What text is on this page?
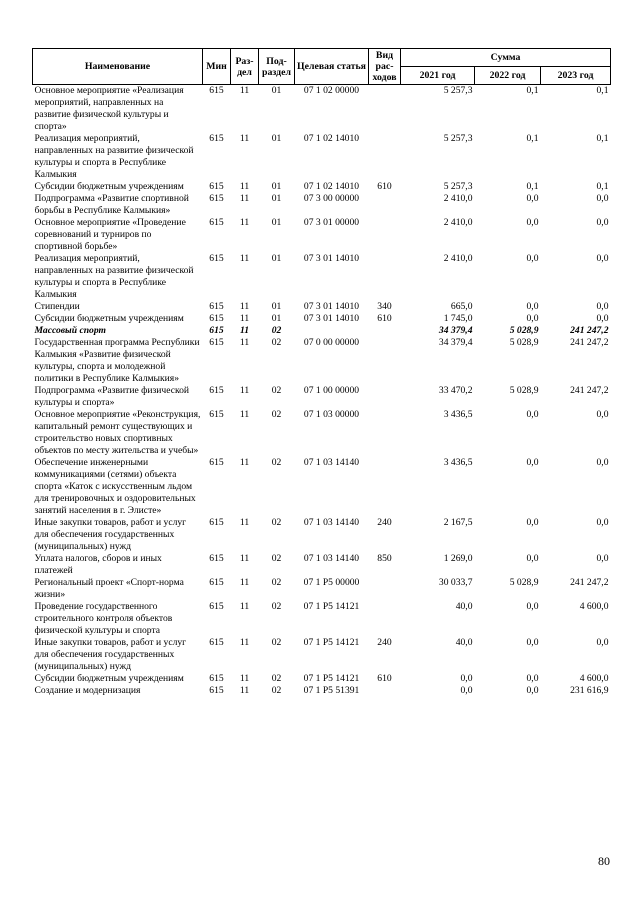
Наименование	Мин	Раз-дел	Под-раздел	Целевая статья	Вид рас-ходов	Сумма		
						2021 год	2022 год	2023 год
Основное мероприятие «Реализация мероприятий, направленных на развитие физической культуры и спорта»	615	11	01	07 1 02 00000		5 257,3	0,1	0,1
Реализация мероприятий, направленных на развитие физической культуры и спорта в Республике Калмыкия	615	11	01	07 1 02 14010		5 257,3	0,1	0,1
Субсидии бюджетным учреждениям	615	11	01	07 1 02 14010	610	5 257,3	0,1	0,1
Подпрограмма «Развитие спортивной борьбы в Республике Калмыкия»	615	11	01	07 3 00 00000		2 410,0	0,0	0,0
Основное мероприятие «Проведение соревнований и турниров по спортивной борьбе»	615	11	01	07 3 01 00000		2 410,0	0,0	0,0
Реализация мероприятий, направленных на развитие физической культуры и спорта в Республике Калмыкия	615	11	01	07 3 01 14010		2 410,0	0,0	0,0
Стипендии	615	11	01	07 3 01 14010	340	665,0	0,0	0,0
Субсидии бюджетным учреждениям	615	11	01	07 3 01 14010	610	1 745,0	0,0	0,0
Массовый спорт	615	11	02			34 379,4	5 028,9	241 247,2
Государственная программа Республики Калмыкия «Развитие физической культуры, спорта и молодежной политики в Республике Калмыкия»	615	11	02	07 0 00 00000		34 379,4	5 028,9	241 247,2
Подпрограмма «Развитие физической культуры и спорта»	615	11	02	07 1 00 00000		33 470,2	5 028,9	241 247,2
Основное мероприятие «Реконструкция, капитальный ремонт существующих и строительство новых спортивных объектов по месту жительства и учебы»	615	11	02	07 1 03 00000		3 436,5	0,0	0,0
Обеспечение инженерными коммуникациями (сетями) объекта спорта «Каток с искусственным льдом для тренировочных и оздоровительных занятий населения в г. Элисте»	615	11	02	07 1 03 14140		3 436,5	0,0	0,0
Иные закупки товаров, работ и услуг для обеспечения государственных (муниципальных) нужд	615	11	02	07 1 03 14140	240	2 167,5	0,0	0,0
Уплата налогов, сборов и иных платежей	615	11	02	07 1 03 14140	850	1 269,0	0,0	0,0
Региональный проект «Спорт-норма жизни»	615	11	02	07 1 P5 00000		30 033,7	5 028,9	241 247,2
Проведение государственного строительного контроля объектов физической культуры и спорта	615	11	02	07 1 P5 14121		40,0	0,0	4 600,0
Иные закупки товаров, работ и услуг для обеспечения государственных (муниципальных) нужд	615	11	02	07 1 P5 14121	240	40,0	0,0	0,0
Субсидии бюджетным учреждениям	615	11	02	07 1 P5 14121	610	0,0	0,0	4 600,0
Создание и модернизация	615	11	02	07 1 P5 51391		0,0	0,0	231 616,9
80
